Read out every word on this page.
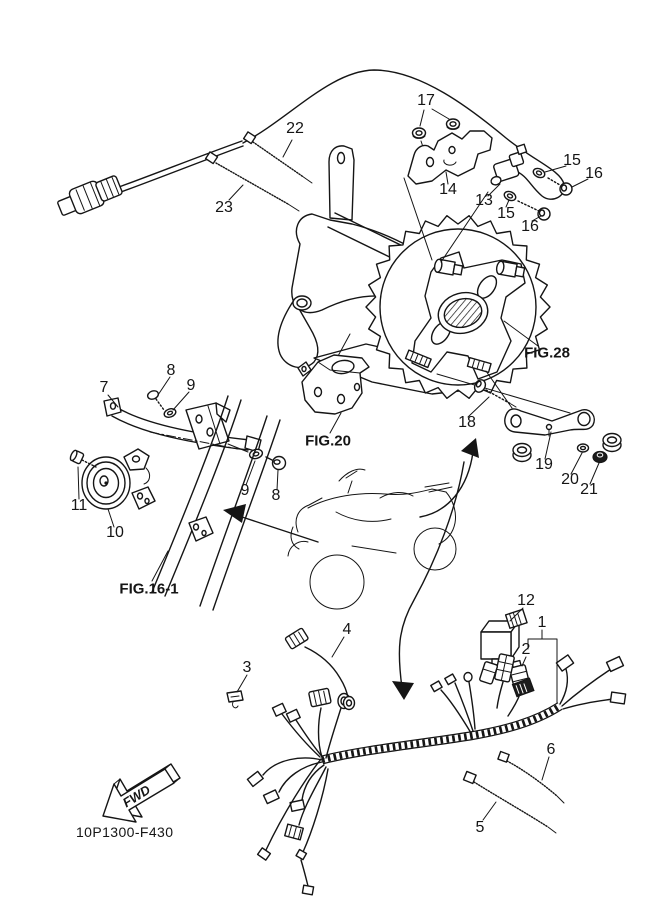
FWD
17
22
23
14
13
15
16
15
16
18
19
20
21
7
8
9
9 8
11
10
12
1
2
4
3
6
5
FIG.28
FIG.20
FIG.16-1
10P1300-F430
